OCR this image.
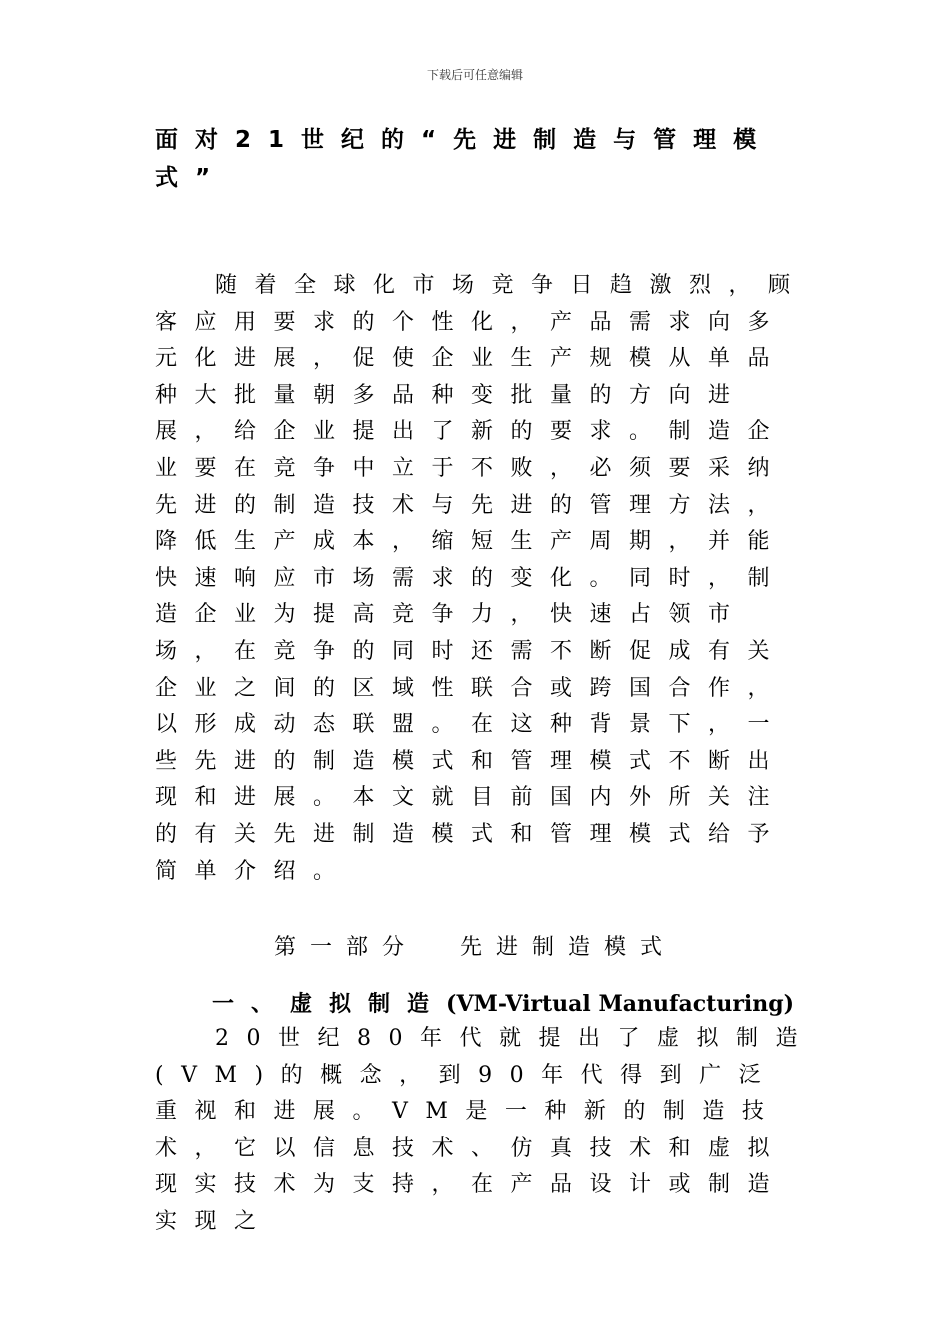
下载后可任意编辑
面对21世纪的“先进制造与管理模式”

随着全球化市场竞争日趋激烈，顾客应用要求的个性化，产品需求向多元化进展，促使企业生产规模从单品种大批量朝多品种变批量的方向进展，给企业提出了新的要求。制造企业要在竞争中立于不败，必须要采纳先进的制造技术与先进的管理方法，降低生产成本，缩短生产周期，并能快速响应市场需求的变化。同时，制造企业为提高竞争力，快速占领市场，在竞争的同时还需不断促成有关企业之间的区域性联合或跨国合作，以形成动态联盟。在这种背景下，一些先进的制造模式和管理模式不断出现和进展。本文就目前国内外所关注的有关先进制造模式和管理模式给予简单介绍。

第一部分  先进制造模式
一、虚拟制造(VM-Virtual Manufacturing)

20世纪80年代就提出了虚拟制造(VM)的概念，到90年代得到广泛重视和进展。VM是一种新的制造技术，它以信息技术、仿真技术和虚拟现实技术为支持，在产品设计或制造实现之
